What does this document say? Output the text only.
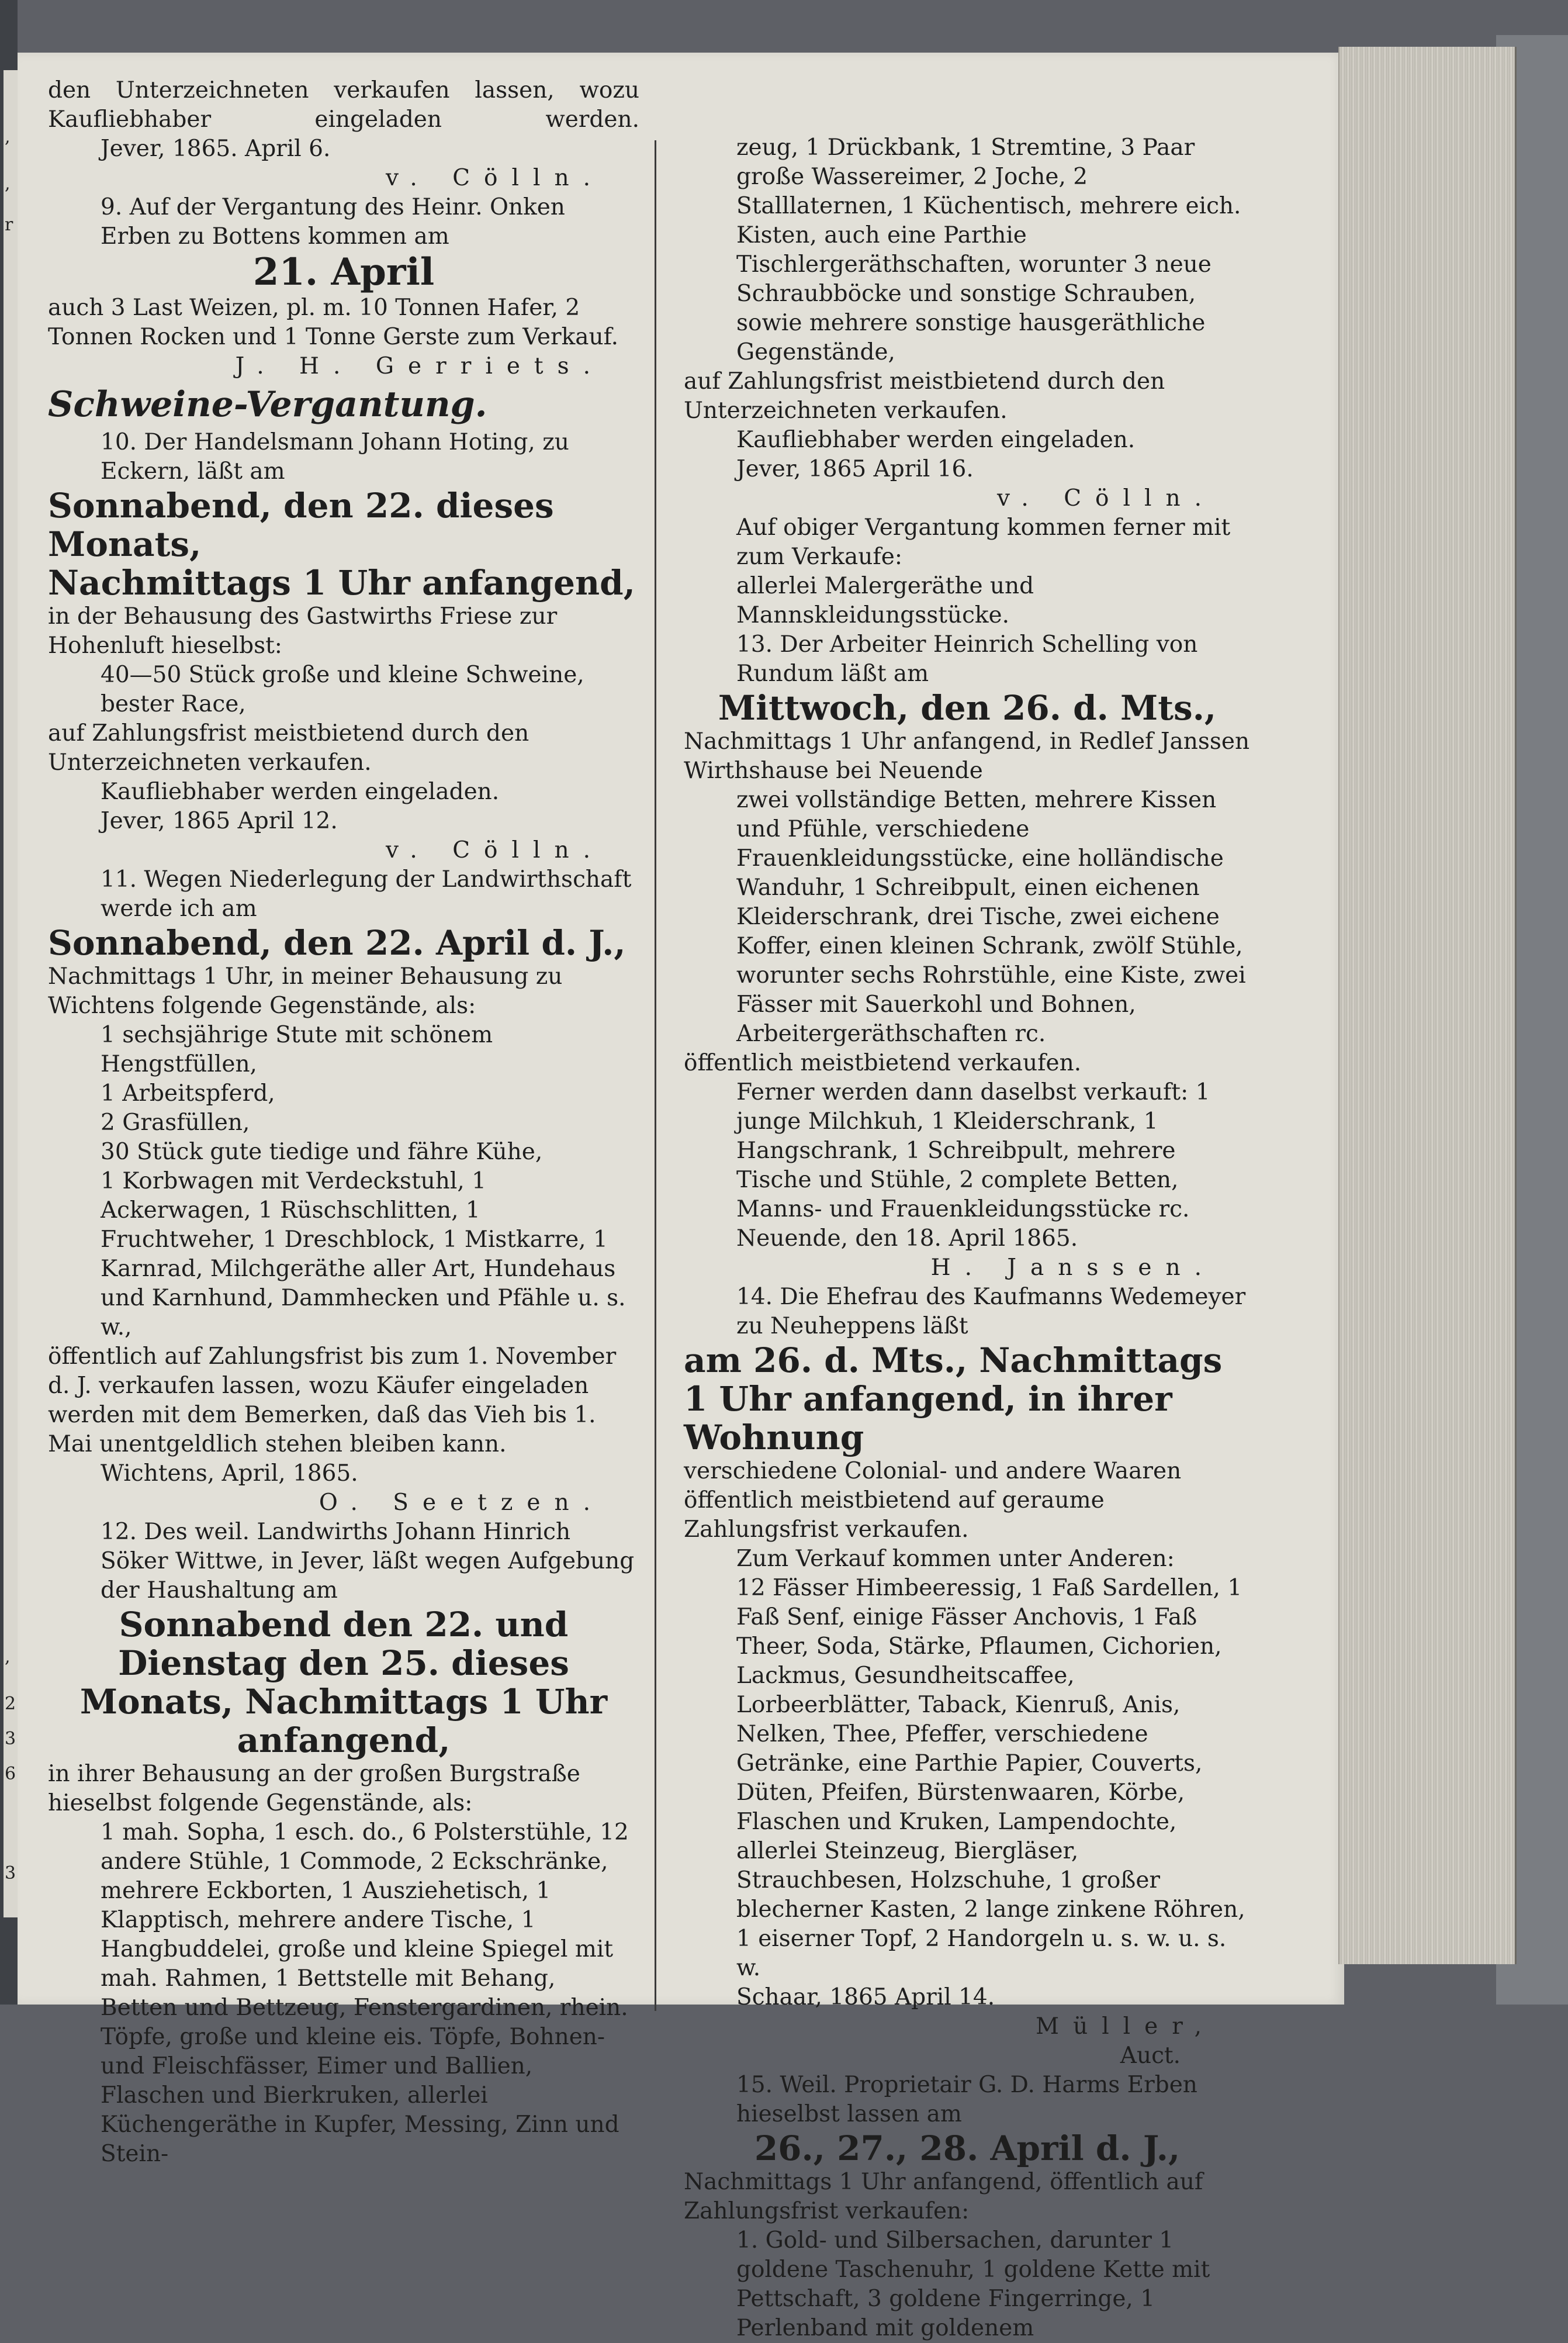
,
,
r
,
2
3
6
3

den Unterzeichneten verkaufen lassen, wozu Kaufliebhaber eingeladen werden.

Jever, 1865. April 6.

v. Cölln.

9. Auf der Vergantung des Heinr. Onken Erben zu Bottens kommen am

21. April

auch 3 Last Weizen, pl. m. 10 Tonnen Hafer, 2 Tonnen Rocken und 1 Tonne Gerste zum Verkauf.

J. H. Gerriets.

Schweine-Vergantung.

10. Der Handelsmann Johann Hoting, zu Eckern, läßt am

Sonnabend, den 22. dieses Monats,

Nachmittags 1 Uhr anfangend,

in der Behausung des Gastwirths Friese zur Hohenluft hieselbst:

40—50 Stück große und kleine Schweine, bester Race,

auf Zahlungsfrist meistbietend durch den Unterzeichneten verkaufen.

Kaufliebhaber werden eingeladen.

Jever, 1865 April 12.

v. Cölln.

11. Wegen Niederlegung der Landwirthschaft werde ich am

Sonnabend, den 22. April d. J.,

Nachmittags 1 Uhr, in meiner Behausung zu Wichtens folgende Gegenstände, als:

1 sechsjährige Stute mit schönem Hengstfüllen,

1 Arbeitspferd,

2 Grasfüllen,

30 Stück gute tiedige und fähre Kühe,

1 Korbwagen mit Verdeckstuhl, 1 Ackerwagen, 1 Rüschschlitten, 1 Fruchtweher, 1 Dreschblock, 1 Mistkarre, 1 Karnrad, Milchgeräthe aller Art, Hundehaus und Karnhund, Dammhecken und Pfähle u. s. w.,

öffentlich auf Zahlungsfrist bis zum 1. November d. J. verkaufen lassen, wozu Käufer eingeladen werden mit dem Bemerken, daß das Vieh bis 1. Mai unentgeldlich stehen bleiben kann.

Wichtens, April, 1865.

O. Seetzen.

12. Des weil. Landwirths Johann Hinrich Söker Wittwe, in Jever, läßt wegen Aufgebung der Haushaltung am

Sonnabend den 22. und Dienstag den 25. dieses Monats, Nachmittags 1 Uhr anfangend,

in ihrer Behausung an der großen Burgstraße hieselbst folgende Gegenstände, als:

1 mah. Sopha, 1 esch. do., 6 Polsterstühle, 12 andere Stühle, 1 Commode, 2 Eckschränke, mehrere Eckborten, 1 Ausziehetisch, 1 Klapptisch, mehrere andere Tische, 1 Hangbuddelei, große und kleine Spiegel mit mah. Rahmen, 1 Bettstelle mit Behang, Betten und Bettzeug, Fenstergardinen, rhein. Töpfe, große und kleine eis. Töpfe, Bohnen- und Fleischfässer, Eimer und Ballien, Flaschen und Bierkruken, allerlei Küchengeräthe in Kupfer, Messing, Zinn und Stein-

zeug, 1 Drückbank, 1 Stremtine, 3 Paar große Wassereimer, 2 Joche, 2 Stalllaternen, 1 Küchentisch, mehrere eich. Kisten, auch eine Parthie Tischlergeräthschaften, worunter 3 neue Schraubböcke und sonstige Schrauben, sowie mehrere sonstige hausgeräthliche Gegenstände,

auf Zahlungsfrist meistbietend durch den Unterzeichneten verkaufen.

Kaufliebhaber werden eingeladen.

Jever, 1865 April 16.

v. Cölln.

Auf obiger Vergantung kommen ferner mit zum Verkaufe:

allerlei Malergeräthe und Mannskleidungsstücke.

13. Der Arbeiter Heinrich Schelling von Rundum läßt am

Mittwoch, den 26. d. Mts.,

Nachmittags 1 Uhr anfangend, in Redlef Janssen Wirthshause bei Neuende

zwei vollständige Betten, mehrere Kissen und Pfühle, verschiedene Frauenkleidungsstücke, eine holländische Wanduhr, 1 Schreibpult, einen eichenen Kleiderschrank, drei Tische, zwei eichene Koffer, einen kleinen Schrank, zwölf Stühle, worunter sechs Rohrstühle, eine Kiste, zwei Fässer mit Sauerkohl und Bohnen, Arbeitergeräthschaften rc.

öffentlich meistbietend verkaufen.

Ferner werden dann daselbst verkauft: 1 junge Milchkuh, 1 Kleiderschrank, 1 Hangschrank, 1 Schreibpult, mehrere Tische und Stühle, 2 complete Betten, Manns- und Frauenkleidungsstücke rc.

Neuende, den 18. April 1865.

H. Janssen.

14. Die Ehefrau des Kaufmanns Wedemeyer zu Neuheppens läßt

am 26. d. Mts., Nachmittags 1 Uhr anfangend, in ihrer Wohnung

verschiedene Colonial- und andere Waaren öffentlich meistbietend auf geraume Zahlungsfrist verkaufen.

Zum Verkauf kommen unter Anderen:

12 Fässer Himbeeressig, 1 Faß Sardellen, 1 Faß Senf, einige Fässer Anchovis, 1 Faß Theer, Soda, Stärke, Pflaumen, Cichorien, Lackmus, Gesundheitscaffee, Lorbeerblätter, Taback, Kienruß, Anis, Nelken, Thee, Pfeffer, verschiedene Getränke, eine Parthie Papier, Couverts, Düten, Pfeifen, Bürstenwaaren, Körbe, Flaschen und Kruken, Lampendochte, allerlei Steinzeug, Biergläser, Strauchbesen, Holzschuhe, 1 großer blecherner Kasten, 2 lange zinkene Röhren, 1 eiserner Topf, 2 Handorgeln u. s. w. u. s. w.

Schaar, 1865 April 14.

Müller,

Auct.

15. Weil. Proprietair G. D. Harms Erben hieselbst lassen am

26., 27., 28. April d. J.,

Nachmittags 1 Uhr anfangend, öffentlich auf Zahlungsfrist verkaufen:

1. Gold- und Silbersachen, darunter 1 goldene Taschenuhr, 1 goldene Kette mit Pettschaft, 3 goldene Fingerringe, 1 Perlenband mit goldenem
